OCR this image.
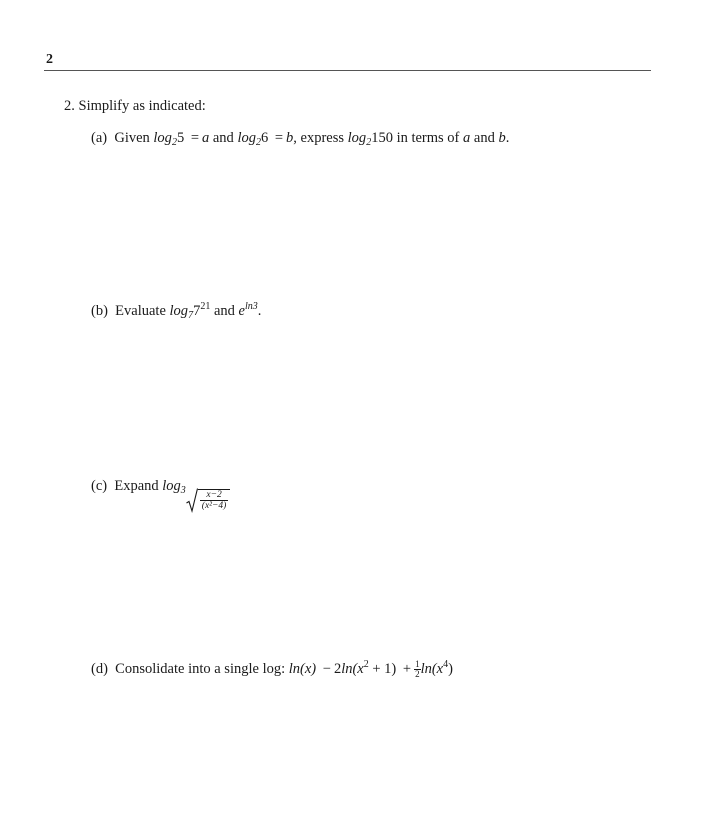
2
2. Simplify as indicated:
(a) Given $\log_25 = a$ and $\log_26 = b$, express $\log_2150$ in terms of a and b.
(b) Evaluate $\log_77^{21}$ and $e^{ln3}$.
(c) Expand $\log_3 \frac{x-2}{\text{(x²−4)}}$
(d) Consolidate into a single log: $\ln(x) - 2\ln(x^2 + 1) + \frac{1}{2} \ln(x^4)$
